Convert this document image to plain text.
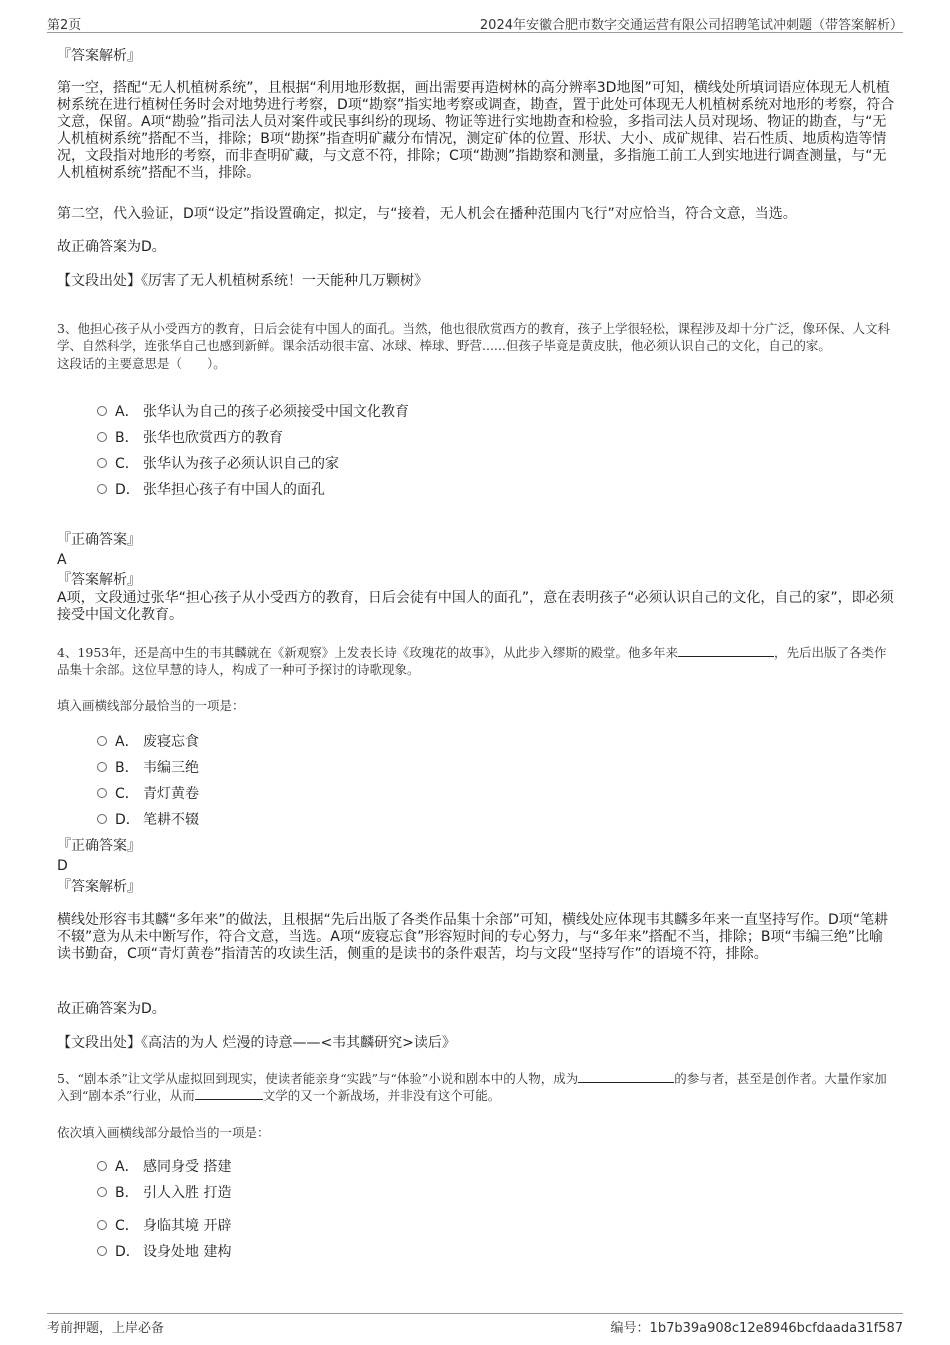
第2页	2024年安徽合肥市数字交通运营有限公司招聘笔试冲刺题（带答案解析）
『答案解析』
第一空，搭配“无人机植树系统”，且根据“利用地形数据，画出需要再造树林的高分辨率3D地图”可知，横线处所填词语应体现无人机植树系统在进行植树任务时会对地势进行考察，D项“勘察”指实地考察或调查，勘查，置于此处可体现无人机植树系统对地形的考察，符合文意，保留。A项“勘验”指司法人员对案件或民事纠纷的现场、物证等进行实地勘查和检验，多指司法人员对现场、物证的勘查，与“无人机植树系统”搭配不当，排除；B项“勘探”指查明矿藏分布情况，测定矿体的位置、形状、大小、成矿规律、岩石性质、地质构造等情况，文段指对地形的考察，而非查明矿藏，与文意不符，排除；C项“勘测”指勘察和测量，多指施工前工人到实地进行调查测量，与“无人机植树系统”搭配不当，排除。
第二空，代入验证，D项“设定”指设置确定，拟定，与“接着，无人机会在播种范围内飞行”对应恰当，符合文意，当选。
故正确答案为D。
【文段出处】《厉害了无人机植树系统！一天能种几万颗树》
3、他担心孩子从小受西方的教育，日后会徒有中国人的面孔。当然，他也很欣赏西方的教育，孩子上学很轻松，课程涉及却十分广泛，像环保、人文科学、自然科学，连张华自己也感到新鲜。课余活动很丰富、冰球、棒球、野营......但孩子毕竟是黄皮肤，他必须认识自己的文化，自己的家。
这段话的主要意思是（　　）。
A． 张华认为自己的孩子必须接受中国文化教育
B． 张华也欣赏西方的教育
C． 张华认为孩子必须认识自己的家
D． 张华担心孩子有中国人的面孔
『正确答案』
A
『答案解析』
A项，文段通过张华“担心孩子从小受西方的教育，日后会徒有中国人的面孔”，意在表明孩子“必须认识自己的文化，自己的家”，即必须接受中国文化教育。
4、1953年，还是高中生的韦其麟就在《新观察》上发表长诗《玫瑰花的故事》，从此步入缪斯的殿堂。他多年来	，先后出版了各类作品集十余部。这位早慧的诗人，构成了一种可予探讨的诗歌现象。
填入画横线部分最恰当的一项是：
A． 废寝忘食
B． 韦编三绝
C． 青灯黄卷
D． 笔耕不辍
『正确答案』
D
『答案解析』
横线处形容韦其麟“多年来”的做法，且根据“先后出版了各类作品集十余部”可知，横线处应体现韦其麟多年来一直坚持写作。D项“笔耕不辍”意为从未中断写作，符合文意，当选。A项“废寝忘食”形容短时间的专心努力，与“多年来”搭配不当，排除；B项“韦编三绝”比喻读书勤奋，C项“青灯黄卷”指清苦的攻读生活，侧重的是读书的条件艰苦，均与文段“坚持写作”的语境不符，排除。
故正确答案为D。
【文段出处】《高洁的为人 烂漫的诗意——<韦其麟研究>读后》
5、“剧本杀”让文学从虚拟回到现实，使读者能亲身“实践”与“体验”小说和剧本中的人物，成为	的参与者，甚至是创作者。大量作家加入到“剧本杀”行业，从而	文学的又一个新战场，并非没有这个可能。
依次填入画横线部分最恰当的一项是：
A． 感同身受 搭建
B． 引人入胜 打造
C． 身临其境 开辟
D． 设身处地 建构
考前押题，上岸必备	编号：1b7b39a908c12e8946bcfdaada31f587
